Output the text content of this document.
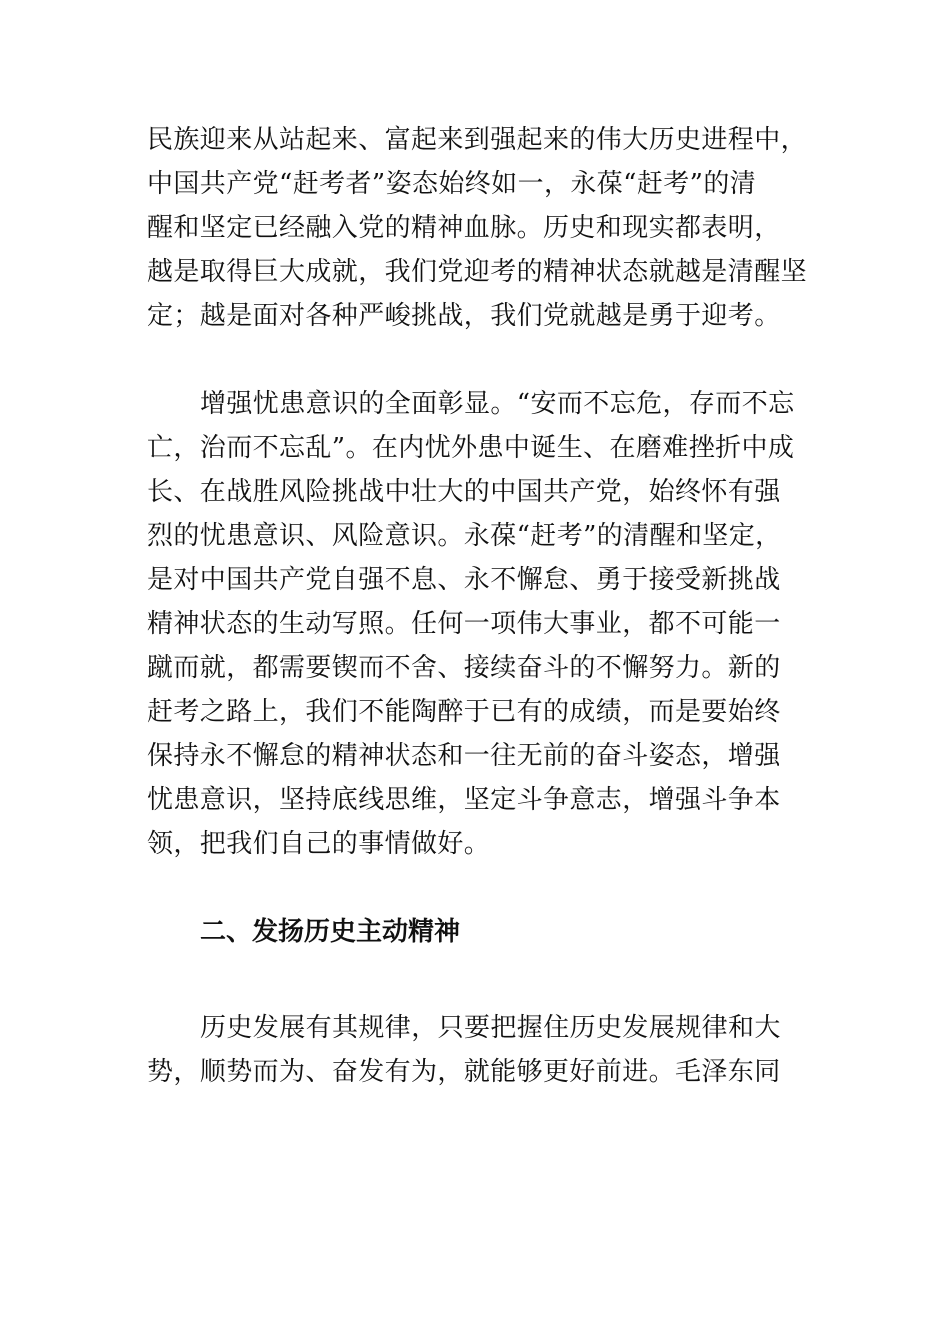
民族迎来从站起来、富起来到强起来的伟大历史进程中，
中国共产党“赶考者”姿态始终如一，永葆“赶考”的清
醒和坚定已经融入党的精神血脉。历史和现实都表明，
越是取得巨大成就，我们党迎考的精神状态就越是清醒坚
定；越是面对各种严峻挑战，我们党就越是勇于迎考。
增强忧患意识的全面彰显。“安而不忘危，存而不忘
亡，治而不忘乱”。在内忧外患中诞生、在磨难挫折中成
长、在战胜风险挑战中壮大的中国共产党，始终怀有强
烈的忧患意识、风险意识。永葆“赶考”的清醒和坚定，
是对中国共产党自强不息、永不懈怠、勇于接受新挑战
精神状态的生动写照。任何一项伟大事业，都不可能一
蹴而就，都需要锲而不舍、接续奋斗的不懈努力。新的
赶考之路上，我们不能陶醉于已有的成绩，而是要始终
保持永不懈怠的精神状态和一往无前的奋斗姿态，增强
忧患意识，坚持底线思维，坚定斗争意志，增强斗争本
领，把我们自己的事情做好。
二、发扬历史主动精神
历史发展有其规律，只要把握住历史发展规律和大
势，顺势而为、奋发有为，就能够更好前进。毛泽东同
